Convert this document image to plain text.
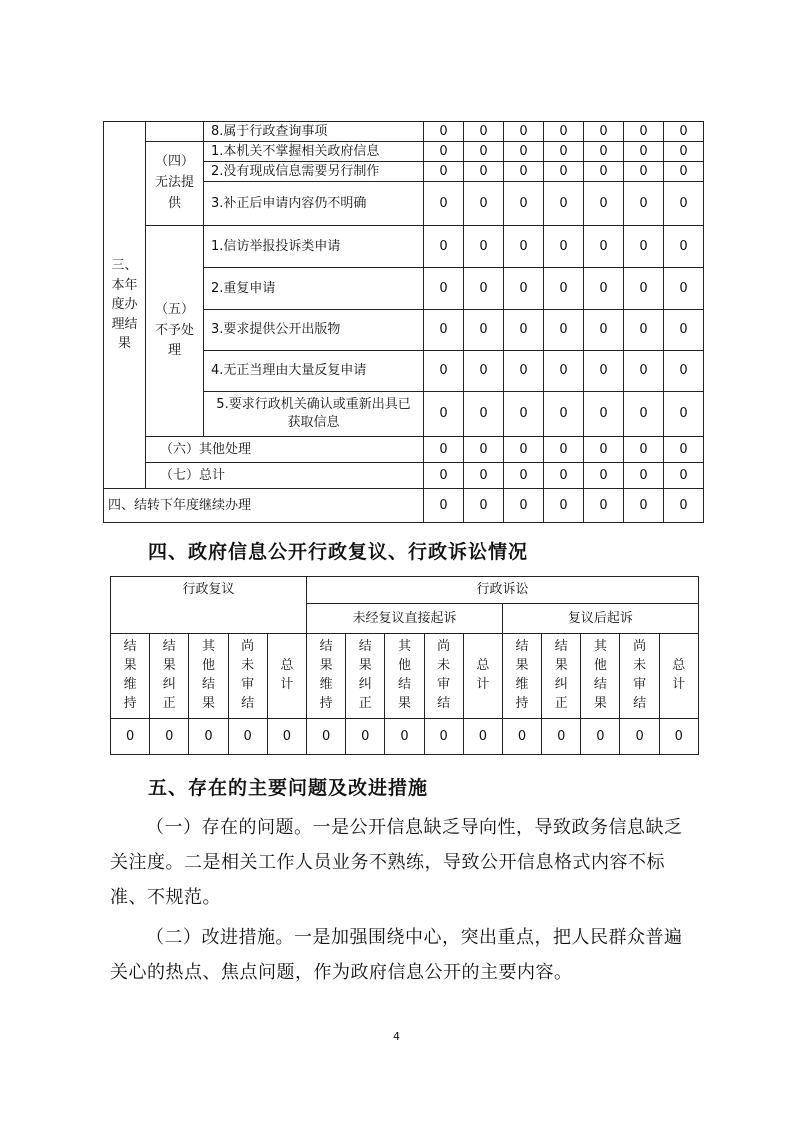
三、本年度办理结果		8.属于行政查询事项	0	0	0	0	0	0	0
	（四）无法提供	1.本机关不掌握相关政府信息	0	0	0	0	0	0	0
		2.没有现成信息需要另行制作	0	0	0	0	0	0	0
		3.补正后申请内容仍不明确	0	0	0	0	0	0	0
	（五）不予处理	1.信访举报投诉类申请	0	0	0	0	0	0	0
		2.重复申请	0	0	0	0	0	0	0
		3.要求提供公开出版物	0	0	0	0	0	0	0
		4.无正当理由大量反复申请	0	0	0	0	0	0	0
		5.要求行政机关确认或重新出具已获取信息	0	0	0	0	0	0	0
	（六）其他处理		0	0	0	0	0	0	0
	（七）总计		0	0	0	0	0	0	0
四、结转下年度继续办理			0	0	0	0	0	0	0
四、政府信息公开行政复议、行政诉讼情况
行政复议					行政诉讼									
					未经复议直接起诉					复议后起诉				
结果维持	结果纠正	其他结果	尚未审结	总计	结果维持	结果纠正	其他结果	尚未审结	总计	结果维持	结果纠正	其他结果	尚未审结	总计
0	0	0	0	0	0	0	0	0	0	0	0	0	0	0
五、存在的主要问题及改进措施

（一）存在的问题。一是公开信息缺乏导向性，导致政务信息缺乏关注度。二是相关工作人员业务不熟练，导致公开信息格式内容不标准、不规范。

（二）改进措施。一是加强围绕中心，突出重点，把人民群众普遍关心的热点、焦点问题，作为政府信息公开的主要内容。

4
